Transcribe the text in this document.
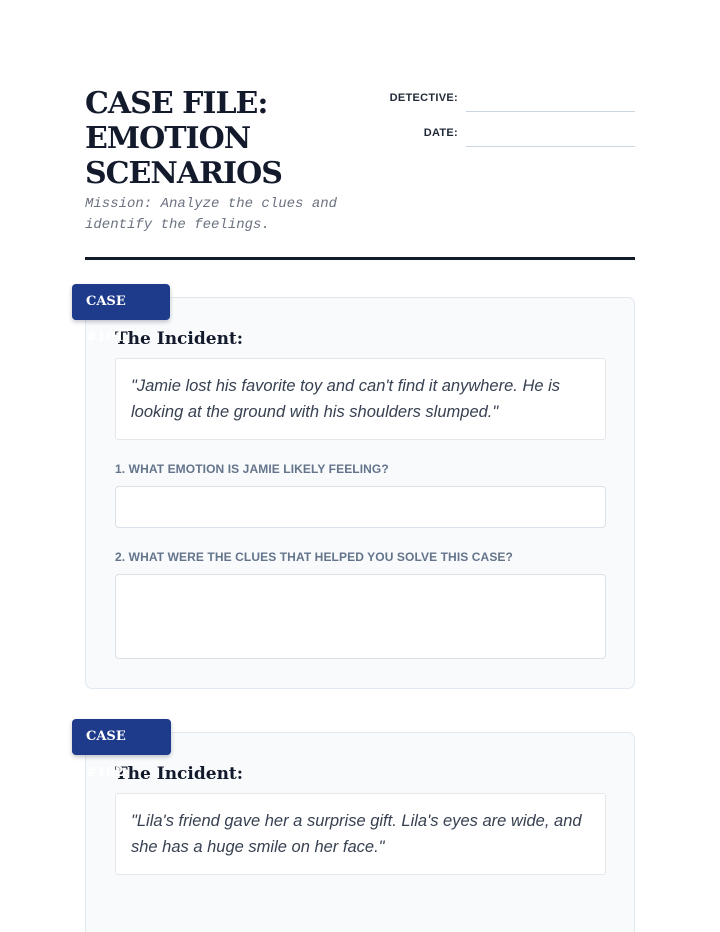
CASE FILE: EMOTION SCENARIOS
Mission: Analyze the clues and identify the feelings.
DETECTIVE:
DATE:
The Incident:
"Jamie lost his favorite toy and can't find it anywhere. He is looking at the ground with his shoulders slumped."
1. WHAT EMOTION IS JAMIE LIKELY FEELING?
2. WHAT WERE THE CLUES THAT HELPED YOU SOLVE THIS CASE?
CASE #101
The Incident:
"Lila's friend gave her a surprise gift. Lila's eyes are wide, and she has a huge smile on her face."
CASE #102
